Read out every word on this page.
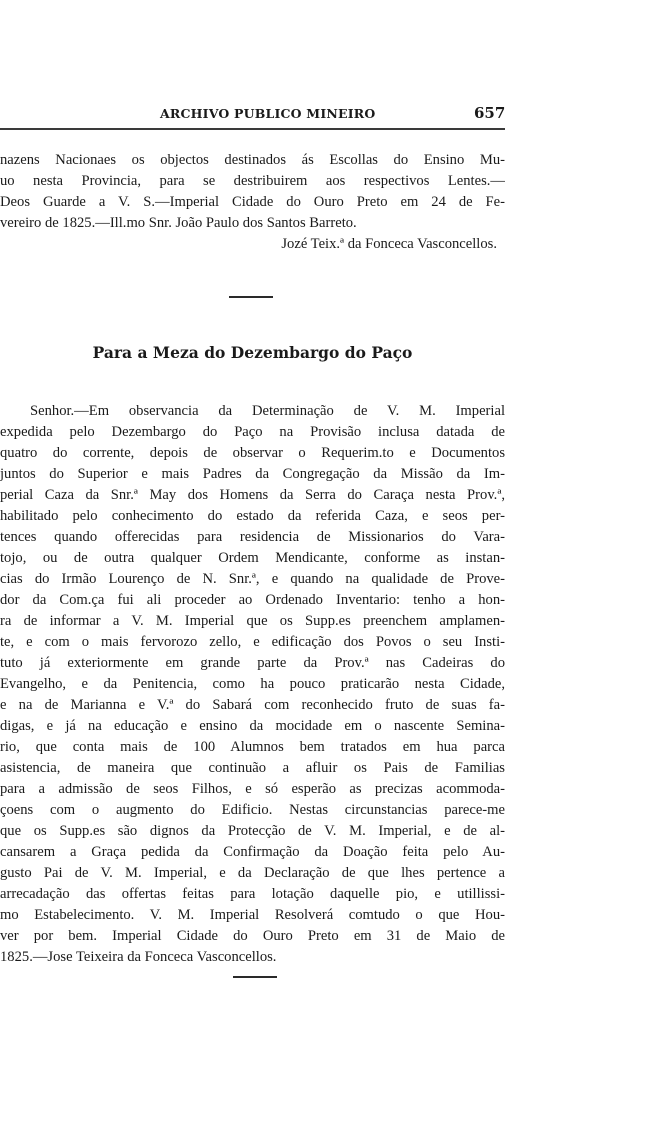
ARCHIVO PUBLICO MINEIRO	657
nazens Nacionaes os objectos destinados ás Escollas do Ensino Mu-
uo nesta Provincia, para se destribuirem aos respectivos Lentes.—
Deos Guarde a V. S.—Imperial Cidade do Ouro Preto em 24 de Fe-
vereiro de 1825.—Ill.mo Snr. João Paulo dos Santos Barreto.
Jozé Teix.ª da Fonceca Vasconcellos.
Para a Meza do Dezembargo do Paço
Senhor.—Em observancia da Determinação de V. M. Imperial
expedida pelo Dezembargo do Paço na Provisão inclusa datada de
quatro do corrente, depois de observar o Requerim.to e Documentos
juntos do Superior e mais Padres da Congregação da Missão da Im-
perial Caza da Snr.ª May dos Homens da Serra do Caraça nesta Prov.ª,
habilitado pelo conhecimento do estado da referida Caza, e seos per-
tences quando offerecidas para residencia de Missionarios do Vara-
tojo, ou de outra qualquer Ordem Mendicante, conforme as instan-
cias do Irmão Lourenço de N. Snr.ª, e quando na qualidade de Prove-
dor da Com.ça fui ali proceder ao Ordenado Inventario: tenho a hon-
ra de informar a V. M. Imperial que os Supp.es preenchem amplamen-
te, e com o mais fervorozo zello, e edificação dos Povos o seu Insti-
tuto já exteriormente em grande parte da Prov.ª nas Cadeiras do
Evangelho, e da Penitencia, como ha pouco praticarão nesta Cidade,
e na de Marianna e V.ª do Sabará com reconhecido fruto de suas fa-
digas, e já na educação e ensino da mocidade em o nascente Semina-
rio, que conta mais de 100 Alumnos bem tratados em hua parca
asistencia, de maneira que continuão a afluir os Pais de Familias
para a admissão de seos Filhos, e só esperão as precizas acommoda-
çoens com o augmento do Edificio. Nestas circunstancias parece-me
que os Supp.es são dignos da Protecção de V. M. Imperial, e de al-
cansarem a Graça pedida da Confirmação da Doação feita pelo Au-
gusto Pai de V. M. Imperial, e da Declaração de que lhes pertence a
arrecadação das offertas feitas para lotação daquelle pio, e utillissi-
mo Estabelecimento. V. M. Imperial Resolverá comtudo o que Hou-
ver por bem. Imperial Cidade do Ouro Preto em 31 de Maio de
1825.—Jose Teixeira da Fonceca Vasconcellos.
